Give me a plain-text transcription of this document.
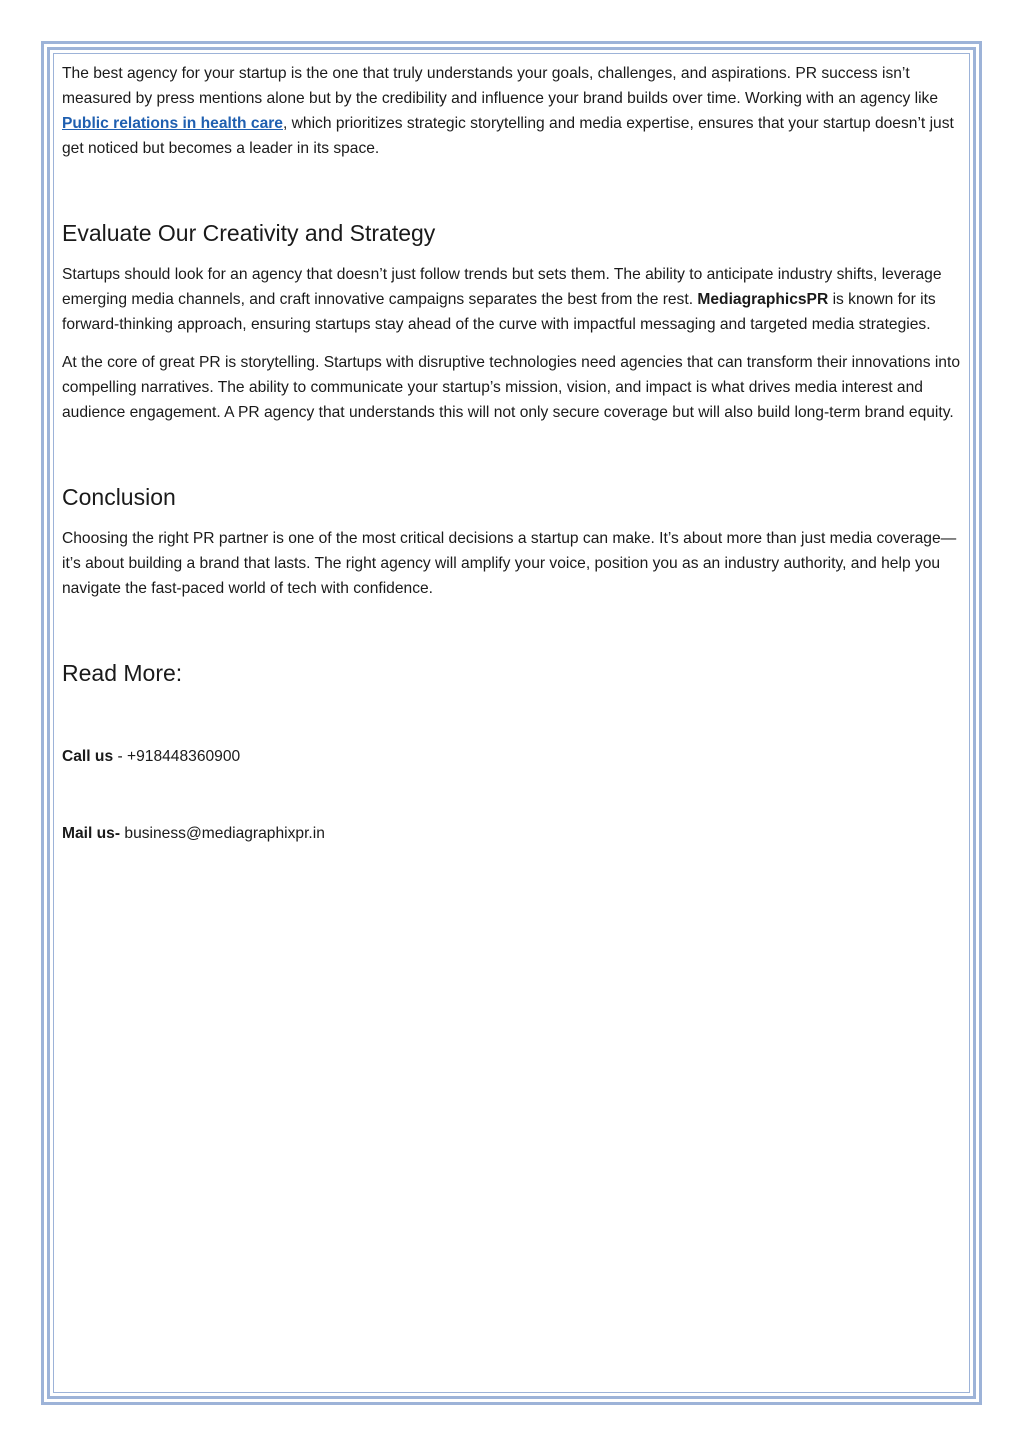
The best agency for your startup is the one that truly understands your goals, challenges, and aspirations. PR success isn’t measured by press mentions alone but by the credibility and influence your brand builds over time. Working with an agency like Public relations in health care, which prioritizes strategic storytelling and media expertise, ensures that your startup doesn’t just get noticed but becomes a leader in its space.

Evaluate Our Creativity and Strategy

Startups should look for an agency that doesn’t just follow trends but sets them. The ability to anticipate industry shifts, leverage emerging media channels, and craft innovative campaigns separates the best from the rest. MediagraphicsPR is known for its forward-thinking approach, ensuring startups stay ahead of the curve with impactful messaging and targeted media strategies.

At the core of great PR is storytelling. Startups with disruptive technologies need agencies that can transform their innovations into compelling narratives. The ability to communicate your startup’s mission, vision, and impact is what drives media interest and audience engagement. A PR agency that understands this will not only secure coverage but will also build long-term brand equity.

Conclusion

Choosing the right PR partner is one of the most critical decisions a startup can make. It’s about more than just media coverage—it’s about building a brand that lasts. The right agency will amplify your voice, position you as an industry authority, and help you navigate the fast-paced world of tech with confidence.

Read More:

Call us - +918448360900

Mail us- business@mediagraphixpr.in
